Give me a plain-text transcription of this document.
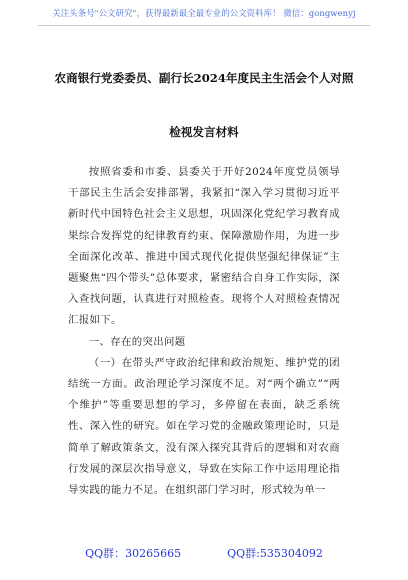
关注头条号"公文研究"，获得最新最全最专业的公文资料库！ 微信：gongwenyj
农商银行党委委员、副行长2024年度民主生活会个人对照
检视发言材料

按照省委和市委、县委关于开好2024年度党员领导干部民主生活会安排部署，我紧扣“深入学习贯彻习近平新时代中国特色社会主义思想，巩固深化党纪学习教育成果综合发挥党的纪律教育约束、保障激励作用，为进一步全面深化改革、推进中国式现代化提供坚强纪律保证”主题聚焦“四个带头”总体要求，紧密结合自身工作实际，深入查找问题，认真进行对照检查。现将个人对照检查情况汇报如下。

一、存在的突出问题

（一）在带头严守政治纪律和政治规矩、维护党的团结统一方面。政治理论学习深度不足。对“两个确立”“两个维护”等重要思想的学习，多停留在表面，缺乏系统性、深入性的研究。如在学习党的金融政策理论时，只是简单了解政策条文，没有深入探究其背后的逻辑和对农商行发展的深层次指导意义，导致在实际工作中运用理论指导实践的能力不足。在组织部门学习时，形式较为单一

QQ群：30265665	QQ群:535304092
